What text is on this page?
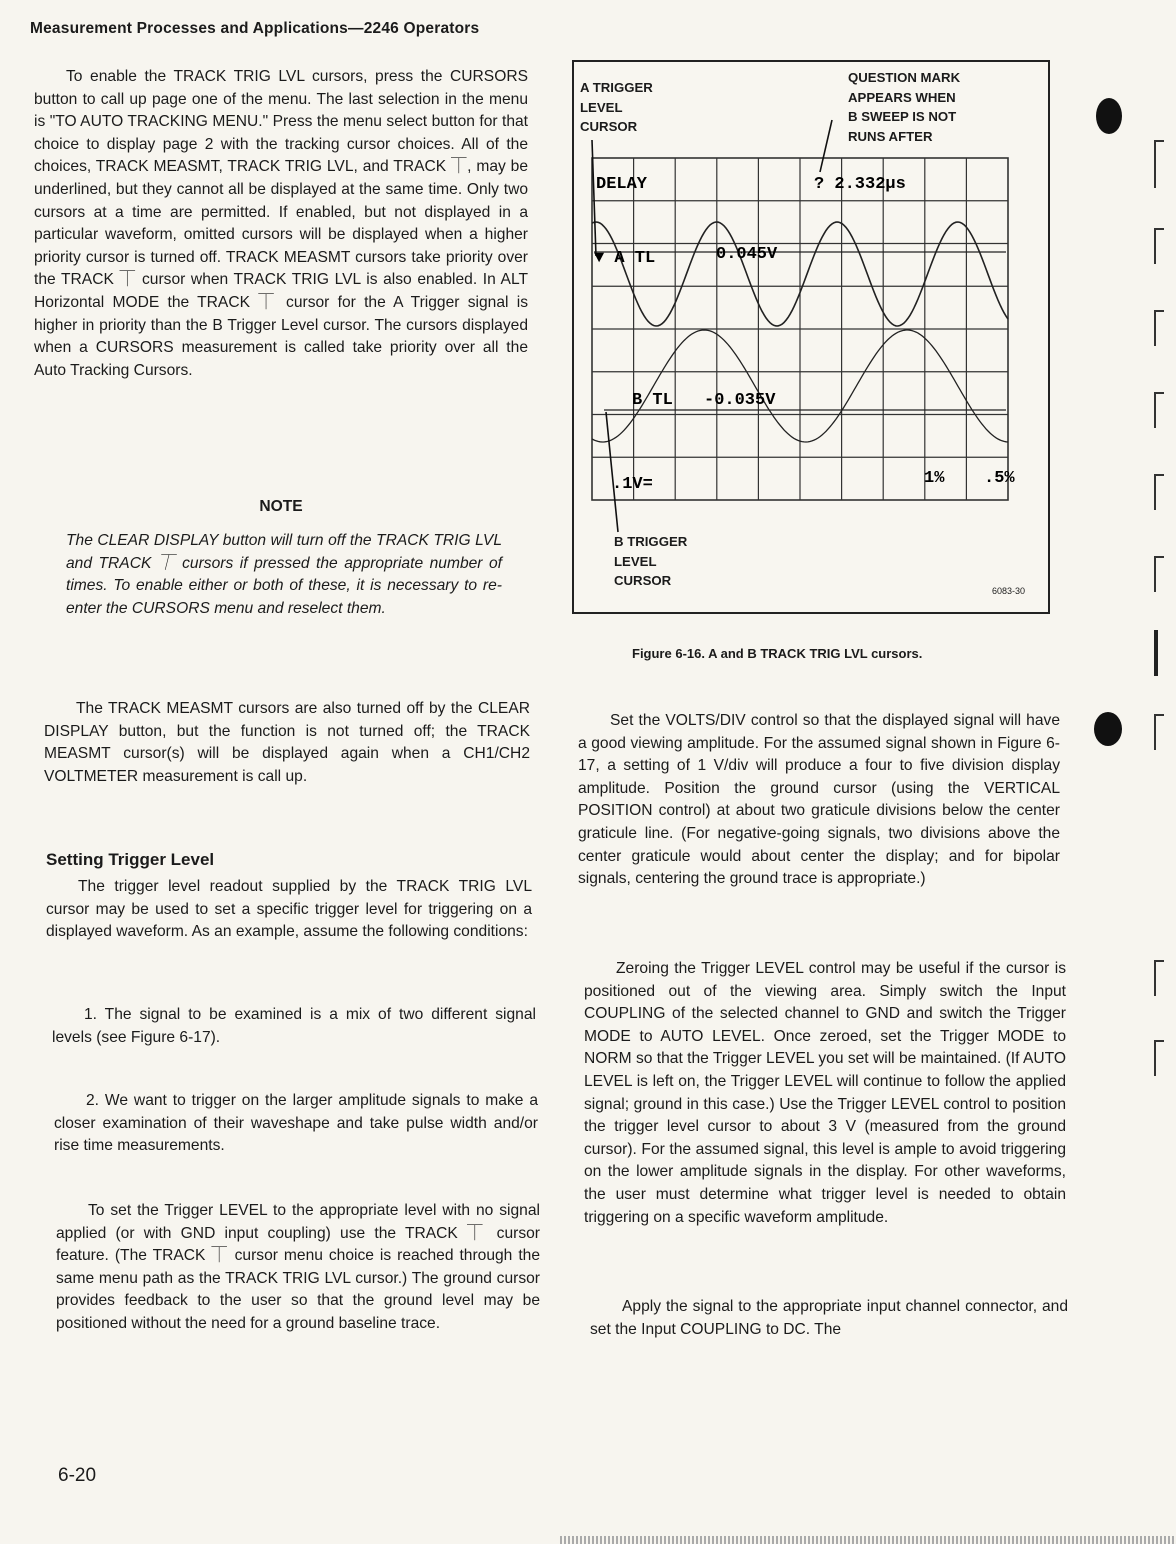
Measurement Processes and Applications—2246 Operators

To enable the TRACK TRIG LVL cursors, press the CURSORS button to call up page one of the menu. The last selection in the menu is "TO AUTO TRACKING MENU." Press the menu select button for that choice to display page 2 with the tracking cursor choices. All of the choices, TRACK MEASMT, TRACK TRIG LVL, and TRACK ⏉, may be underlined, but they cannot all be displayed at the same time. Only two cursors at a time are permitted. If enabled, but not displayed in a particular waveform, omitted cursors will be displayed when a higher priority cursor is turned off. TRACK MEASMT cursors take priority over the TRACK ⏉ cursor when TRACK TRIG LVL is also enabled. In ALT Horizontal MODE the TRACK ⏉ cursor for the A Trigger signal is higher in priority than the B Trigger Level cursor. The cursors displayed when a CURSORS measurement is called take priority over all the Auto Tracking Cursors.

NOTE
The CLEAR DISPLAY button will turn off the TRACK TRIG LVL and TRACK ⏉ cursors if pressed the appropriate number of times. To enable either or both of these, it is necessary to re-enter the CURSORS menu and reselect them.

The TRACK MEASMT cursors are also turned off by the CLEAR DISPLAY button, but the function is not turned off; the TRACK MEASMT cursor(s) will be displayed again when a CH1/CH2 VOLTMETER measurement is call up.

Setting Trigger Level

The trigger level readout supplied by the TRACK TRIG LVL cursor may be used to set a specific trigger level for triggering on a displayed waveform. As an example, assume the following conditions:

1. The signal to be examined is a mix of two different signal levels (see Figure 6-17).

2. We want to trigger on the larger amplitude signals to make a closer examination of their waveshape and take pulse width and/or rise time measurements.

To set the Trigger LEVEL to the appropriate level with no signal applied (or with GND input coupling) use the TRACK ⏉ cursor feature. (The TRACK ⏉ cursor menu choice is reached through the same menu path as the TRACK TRIG LVL cursor.) The ground cursor provides feedback to the user so that the ground level may be positioned without the need for a ground baseline trace.

6-20
A TRIGGER
LEVEL
CURSOR
QUESTION MARK
APPEARS WHEN
B SWEEP IS NOT
RUNS AFTER
B TRIGGER
LEVEL
CURSOR
6083-30
DELAY	? 2.332µs
▼ A TL	0.045V
B TL -0.035V
.1V=	1% .5%
Figure 6-16. A and B TRACK TRIG LVL cursors.

Set the VOLTS/DIV control so that the displayed signal will have a good viewing amplitude. For the assumed signal shown in Figure 6-17, a setting of 1 V/div will produce a four to five division display amplitude. Position the ground cursor (using the VERTICAL POSITION control) at about two graticule divisions below the center graticule line. (For negative-going signals, two divisions above the center graticule would about center the display; and for bipolar signals, centering the ground trace is appropriate.)

Zeroing the Trigger LEVEL control may be useful if the cursor is positioned out of the viewing area. Simply switch the Input COUPLING of the selected channel to GND and switch the Trigger MODE to AUTO LEVEL. Once zeroed, set the Trigger MODE to NORM so that the Trigger LEVEL you set will be maintained. (If AUTO LEVEL is left on, the Trigger LEVEL will continue to follow the applied signal; ground in this case.) Use the Trigger LEVEL control to position the trigger level cursor to about 3 V (measured from the ground cursor). For the assumed signal, this level is ample to avoid triggering on the lower amplitude signals in the display. For other waveforms, the user must determine what trigger level is needed to obtain triggering on a specific waveform amplitude.

Apply the signal to the appropriate input channel connector, and set the Input COUPLING to DC. The
